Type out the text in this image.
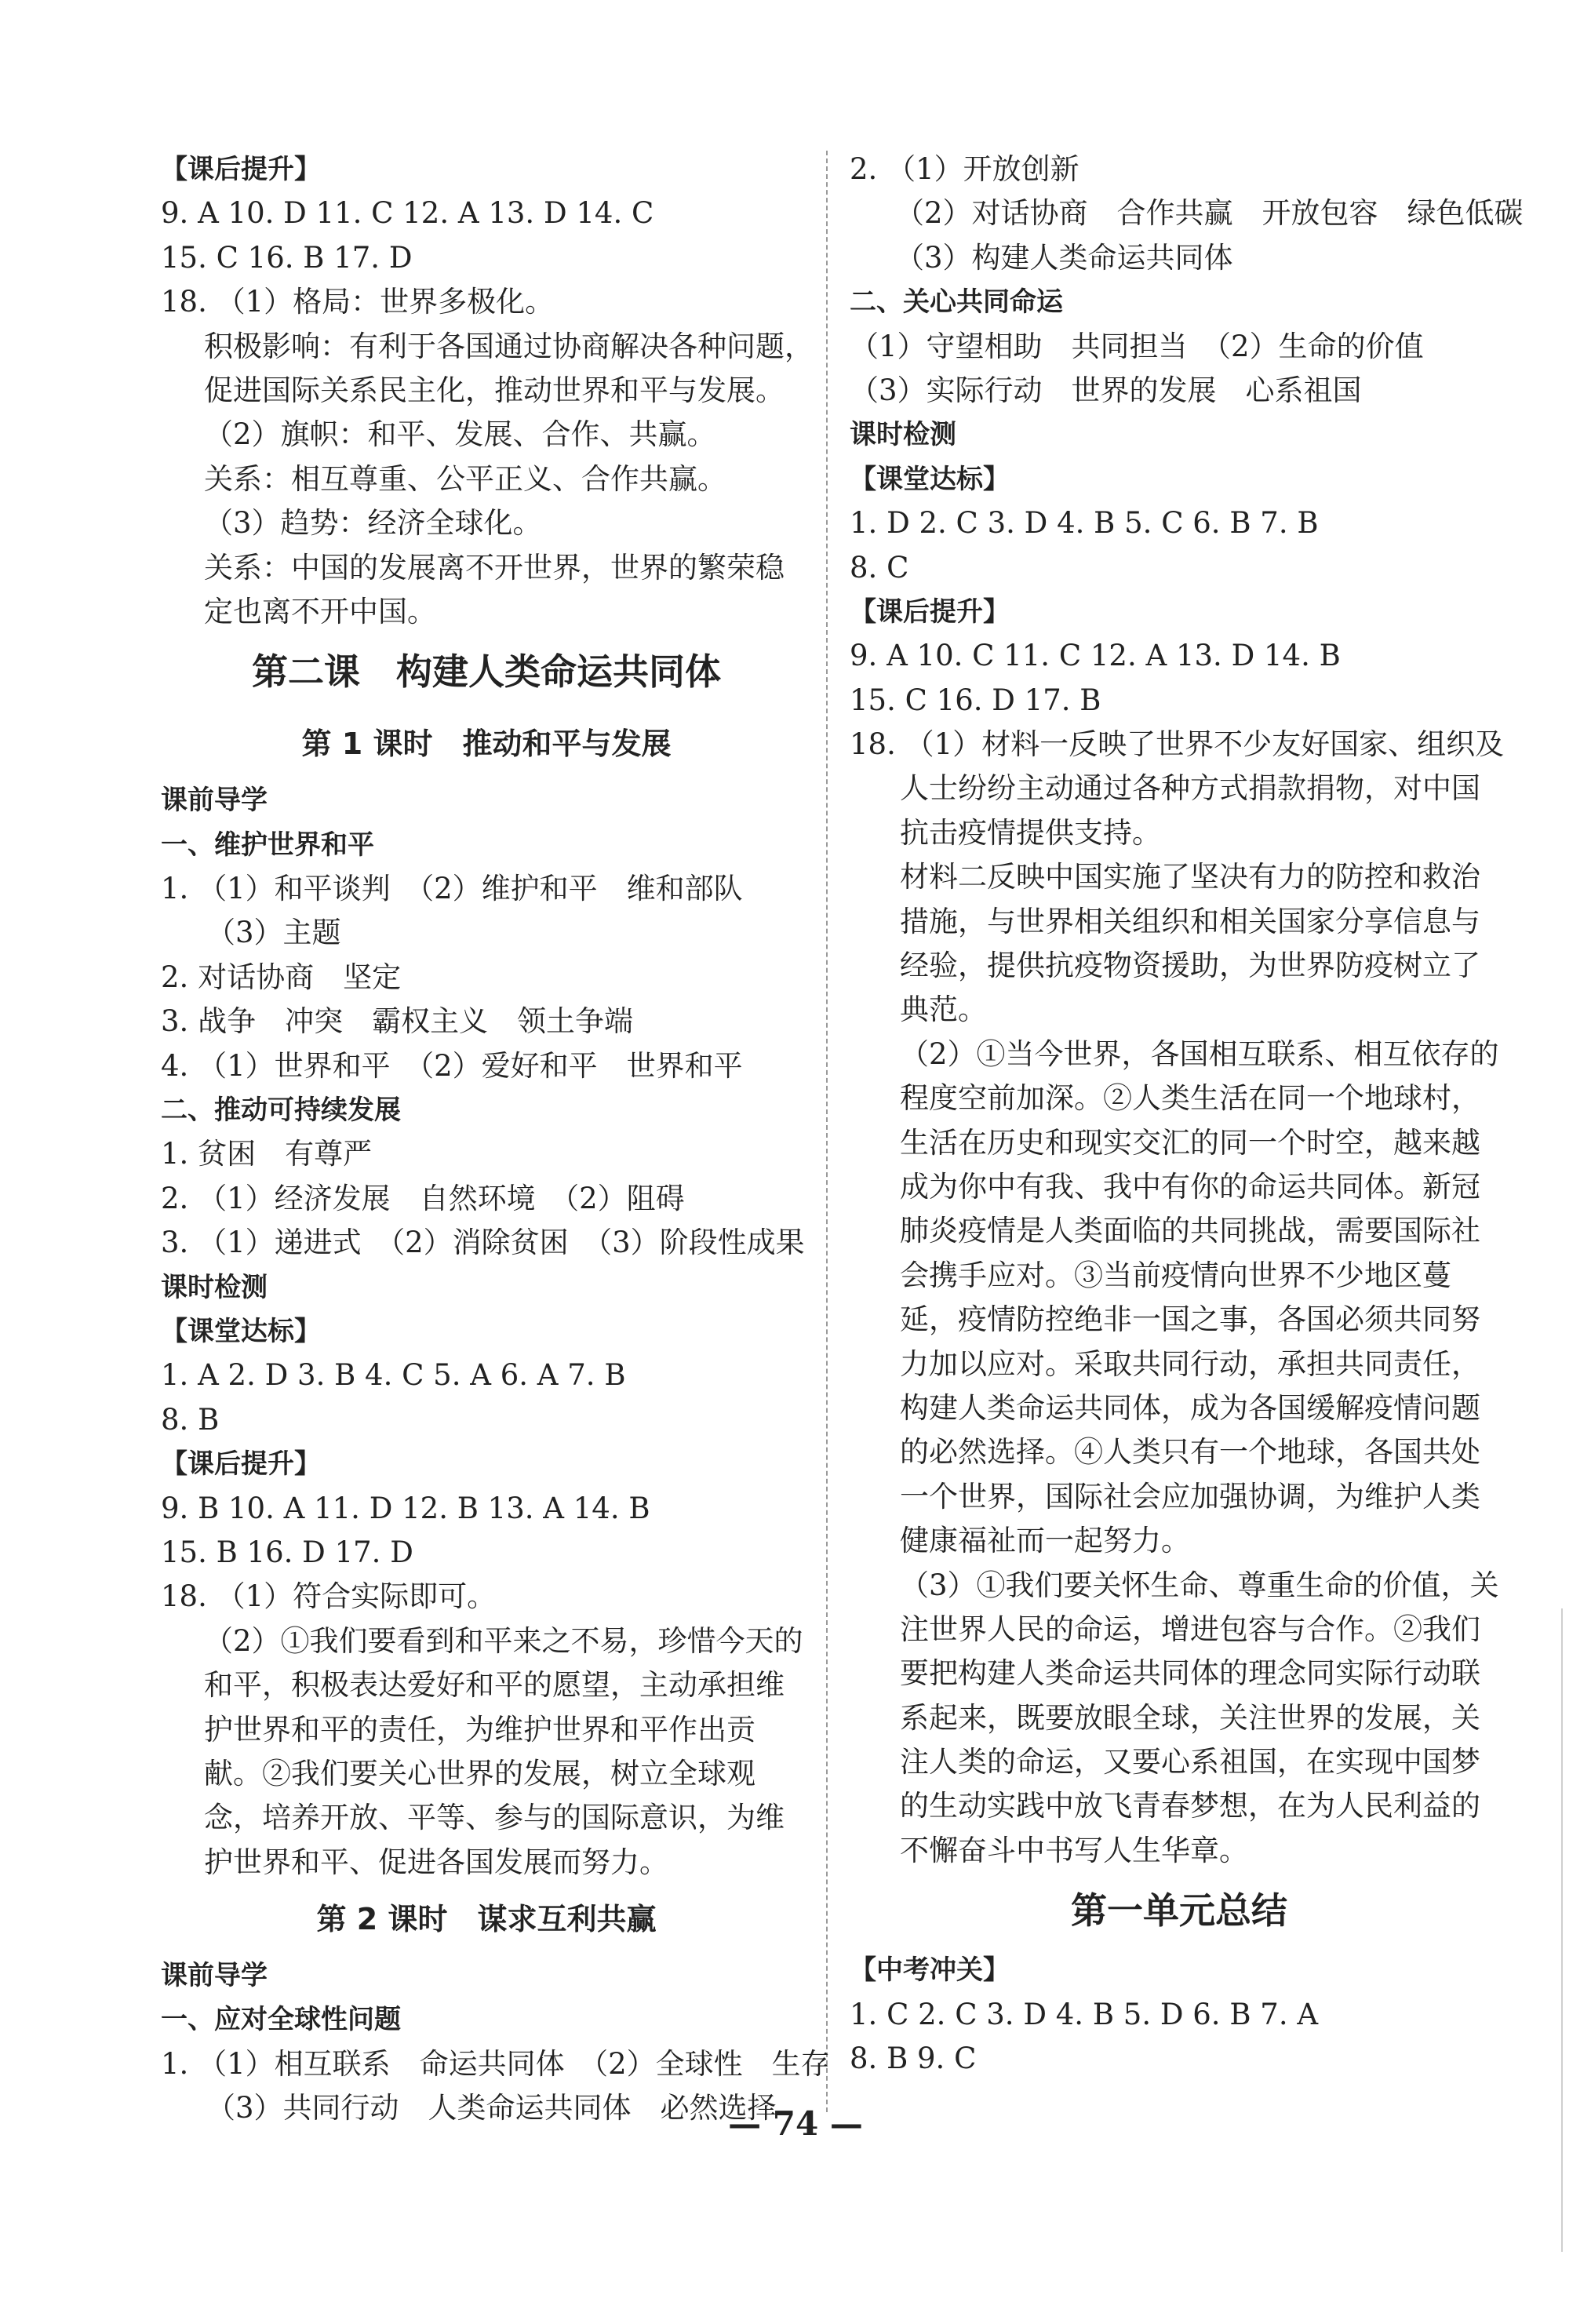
【课后提升】
9. A 10. D 11. C 12. A 13. D 14. C
15. C 16. B 17. D
18. （1）格局：世界多极化。
积极影响：有利于各国通过协商解决各种问题，
促进国际关系民主化，推动世界和平与发展。
（2）旗帜：和平、发展、合作、共赢。
关系：相互尊重、公平正义、合作共赢。
（3）趋势：经济全球化。
关系：中国的发展离不开世界，世界的繁荣稳
定也离不开中国。
第二课　构建人类命运共同体
第 1 课时　推动和平与发展
课前导学
一、维护世界和平
1. （1）和平谈判　（2）维护和平　维和部队
（3）主题
2. 对话协商　坚定
3. 战争　冲突　霸权主义　领土争端
4. （1）世界和平　（2）爱好和平　世界和平
二、推动可持续发展
1. 贫困　有尊严
2. （1）经济发展　自然环境　（2）阻碍
3. （1）递进式　（2）消除贫困　（3）阶段性成果
课时检测
【课堂达标】
1. A 2. D 3. B 4. C 5. A 6. A 7. B
8. B
【课后提升】
9. B 10. A 11. D 12. B 13. A 14. B
15. B 16. D 17. D
18. （1）符合实际即可。
（2）①我们要看到和平来之不易，珍惜今天的
和平，积极表达爱好和平的愿望，主动承担维
护世界和平的责任，为维护世界和平作出贡
献。②我们要关心世界的发展，树立全球观
念，培养开放、平等、参与的国际意识，为维
护世界和平、促进各国发展而努力。
第 2 课时　谋求互利共赢
课前导学
一、应对全球性问题
1. （1）相互联系　命运共同体　（2）全球性　生存
（3）共同行动　人类命运共同体　必然选择
2. （1）开放创新
（2）对话协商　合作共赢　开放包容　绿色低碳
（3）构建人类命运共同体
二、关心共同命运
（1）守望相助　共同担当　（2）生命的价值
（3）实际行动　世界的发展　心系祖国
课时检测
【课堂达标】
1. D 2. C 3. D 4. B 5. C 6. B 7. B
8. C
【课后提升】
9. A 10. C 11. C 12. A 13. D 14. B
15. C 16. D 17. B
18. （1）材料一反映了世界不少友好国家、组织及
人士纷纷主动通过各种方式捐款捐物，对中国
抗击疫情提供支持。
材料二反映中国实施了坚决有力的防控和救治
措施，与世界相关组织和相关国家分享信息与
经验，提供抗疫物资援助，为世界防疫树立了
典范。
（2）①当今世界，各国相互联系、相互依存的
程度空前加深。②人类生活在同一个地球村，
生活在历史和现实交汇的同一个时空，越来越
成为你中有我、我中有你的命运共同体。新冠
肺炎疫情是人类面临的共同挑战，需要国际社
会携手应对。③当前疫情向世界不少地区蔓
延，疫情防控绝非一国之事，各国必须共同努
力加以应对。采取共同行动，承担共同责任，
构建人类命运共同体，成为各国缓解疫情问题
的必然选择。④人类只有一个地球，各国共处
一个世界，国际社会应加强协调，为维护人类
健康福祉而一起努力。
（3）①我们要关怀生命、尊重生命的价值，关
注世界人民的命运，增进包容与合作。②我们
要把构建人类命运共同体的理念同实际行动联
系起来，既要放眼全球，关注世界的发展，关
注人类的命运，又要心系祖国，在实现中国梦
的生动实践中放飞青春梦想，在为人民利益的
不懈奋斗中书写人生华章。
第一单元总结
【中考冲关】
1. C 2. C 3. D 4. B 5. D 6. B 7. A
8. B 9. C
— 74 —
